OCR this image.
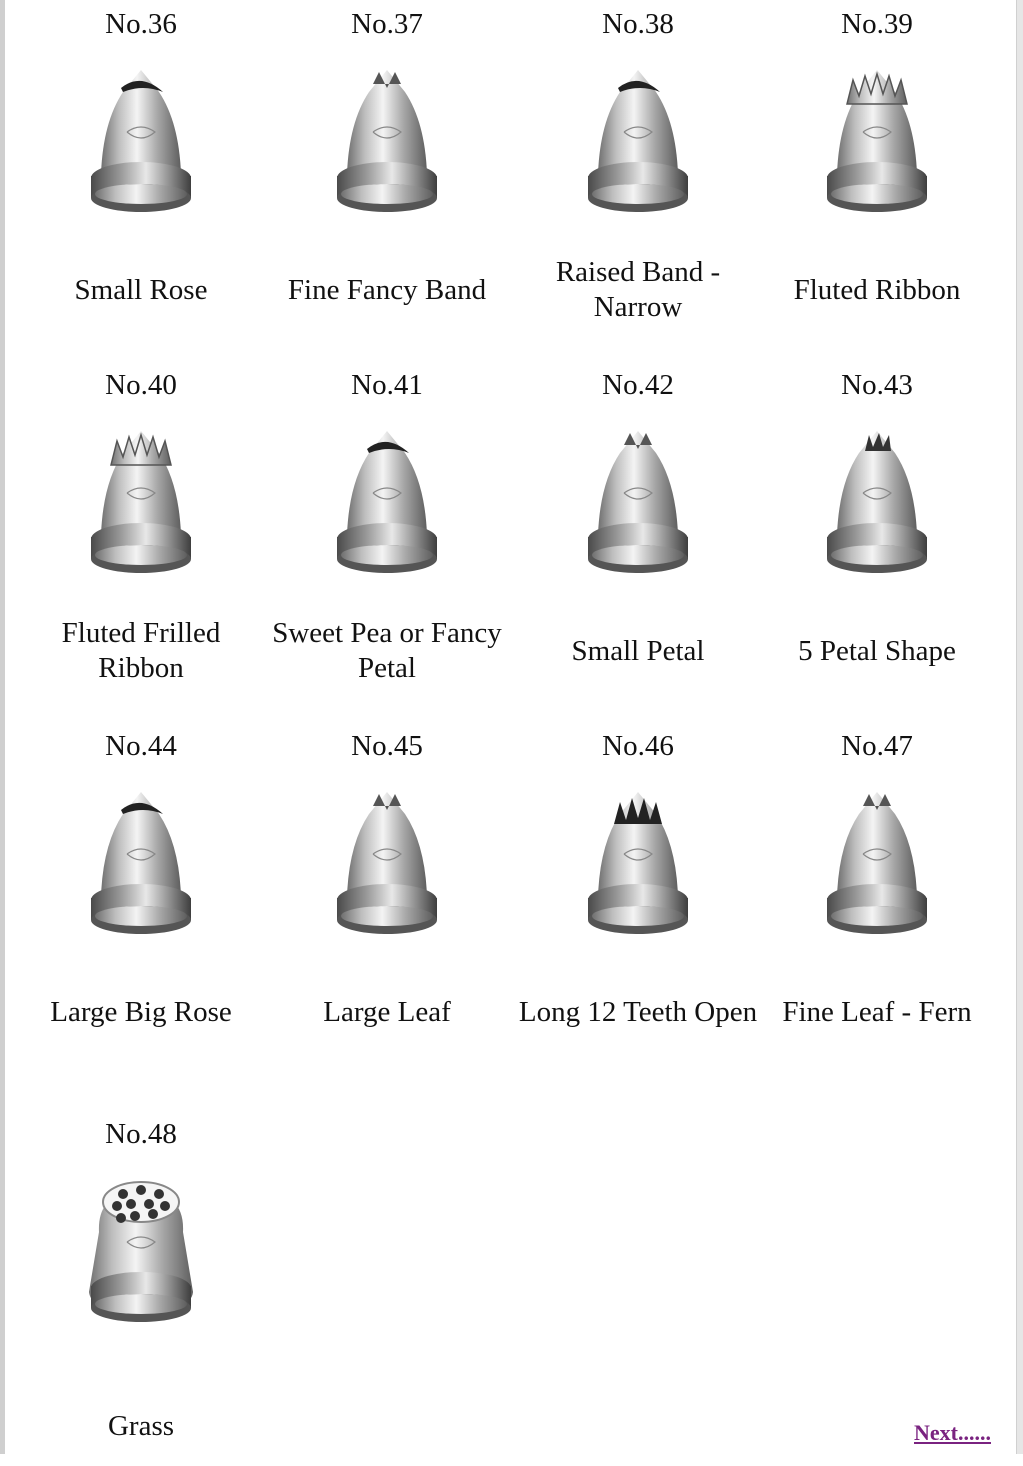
No.36
Small Rose
No.37
Fine Fancy Band
No.38
Raised Band - Narrow
No.39
Fluted Ribbon
No.40
Fluted Frilled Ribbon
No.41
Sweet Pea or Fancy Petal
No.42
Small Petal
No.43
5 Petal Shape
No.44
Large Big Rose
No.45
Large Leaf
No.46
Long 12 Teeth Open
No.47
Fine Leaf - Fern
No.48
Grass	Next......
